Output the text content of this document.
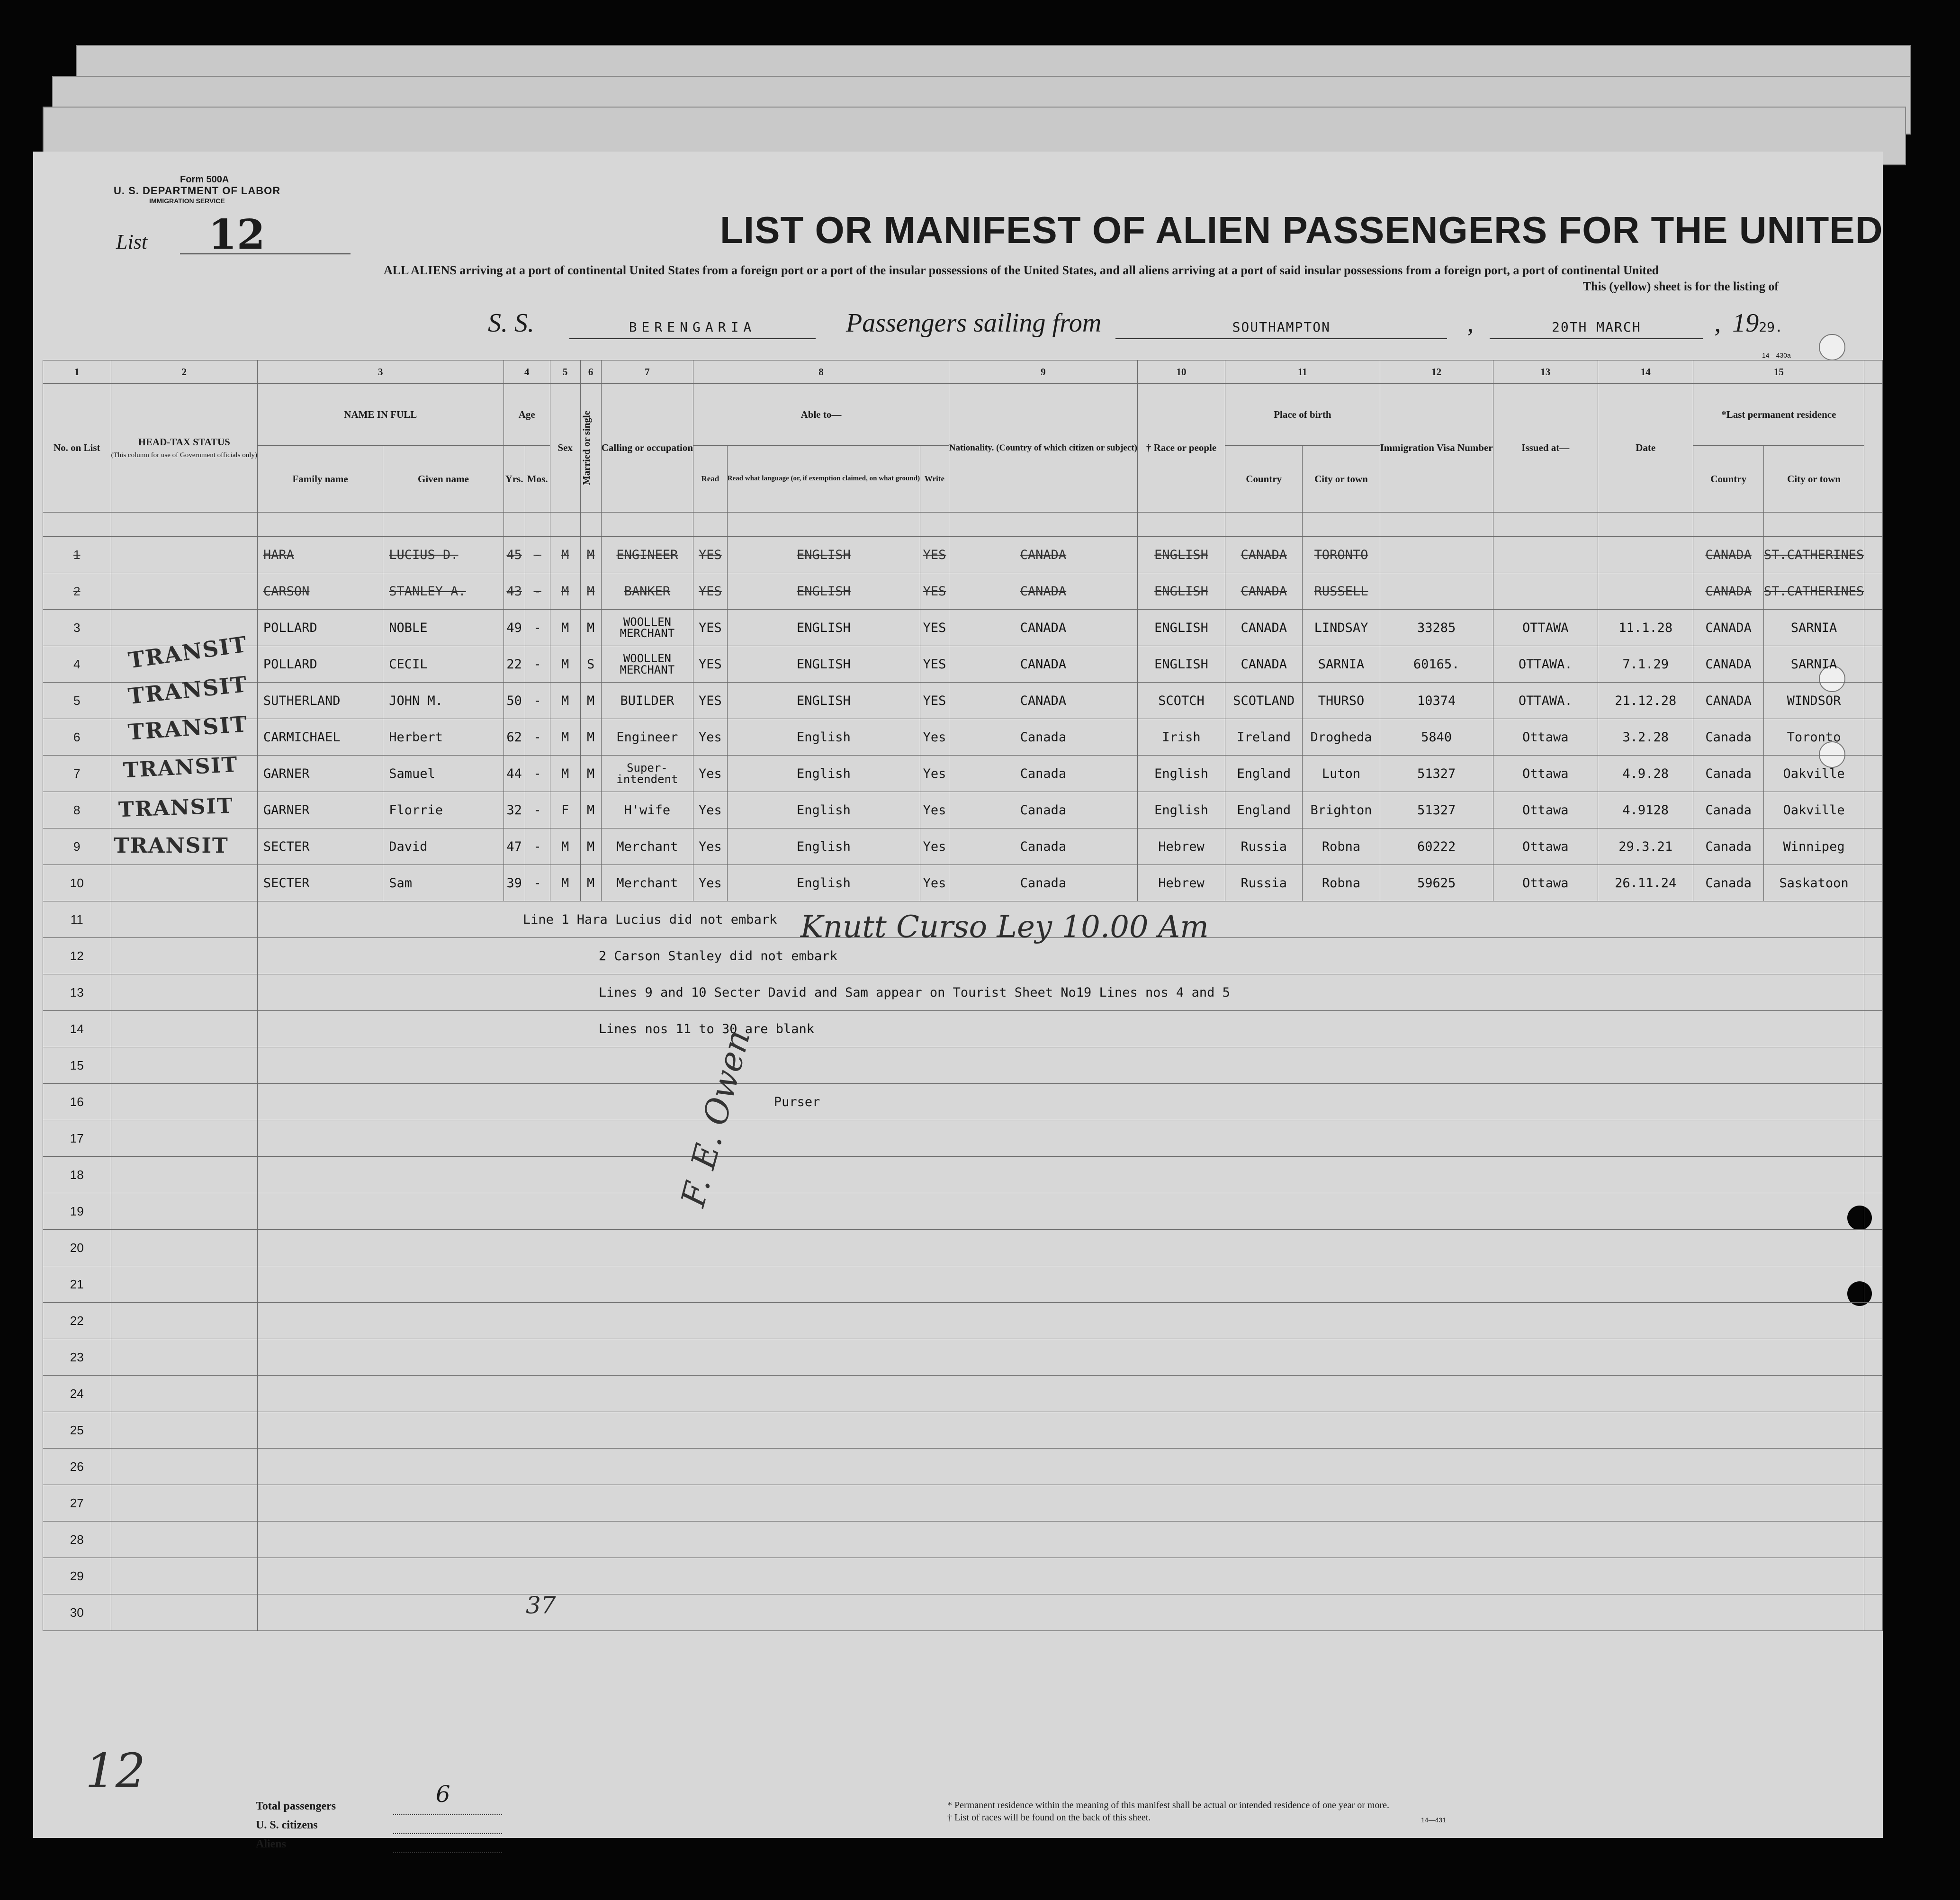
Form 500A
U. S. DEPARTMENT OF LABOR
IMMIGRATION SERVICE
List 12	LIST OR MANIFEST OF ALIEN PASSENGERS FOR THE UNITED
ALL ALIENS arriving at a port of continental United States from a foreign port or a port of the insular possessions of the United States, and all aliens arriving at a port of said insular possessions from a foreign port, a port of continental United
This (yellow) sheet is for the listing of
S. S.	BERENGARIA	Passengers sailing from	SOUTHAMPTON	,	20TH MARCH	, 1929.
1	2	3		4		5	6	7	8			9	10	11		12	13	14	15		
No. on List	HEAD-TAX STATUS
(This column for use of Government officials only)	NAME IN FULL		Age		Sex	Married or single	Calling or occupation	Able to—			Nationality. (Country of which citizen or subject)	† Race or people	Place of birth		Immigration Visa Number	Issued at—	Date	*Last permanent residence		
		Family name	Given name	Yrs.	Mos.				Read	Read what language (or, if exemption claimed, on what ground)	Write			Country	City or town				Country	City or town	

1		HARA	LUCIUS D.	45	-	M	M	ENGINEER	YES	ENGLISH	YES	CANADA	ENGLISH	CANADA	TORONTO				CANADA	ST.CATHERINES	
2		CARSON	STANLEY A.	43	-	M	M	BANKER	YES	ENGLISH	YES	CANADA	ENGLISH	CANADA	RUSSELL				CANADA	ST.CATHERINES	
3		POLLARD	NOBLE	49	-	M	M	WOOLLEN MERCHANT	YES	ENGLISH	YES	CANADA	ENGLISH	CANADA	LINDSAY	33285	OTTAWA	11.1.28	CANADA	SARNIA	
4		POLLARD	CECIL	22	-	M	S	WOOLLEN MERCHANT	YES	ENGLISH	YES	CANADA	ENGLISH	CANADA	SARNIA	60165.	OTTAWA.	7.1.29	CANADA	SARNIA	
5		SUTHERLAND	JOHN M.	50	-	M	M	BUILDER	YES	ENGLISH	YES	CANADA	SCOTCH	SCOTLAND	THURSO	10374	OTTAWA.	21.12.28	CANADA	WINDSOR	
6		CARMICHAEL	Herbert	62	-	M	M	Engineer	Yes	English	Yes	Canada	Irish	Ireland	Drogheda	5840	Ottawa	3.2.28	Canada	Toronto	
7		GARNER	Samuel	44	-	M	M	Super-intendent	Yes	English	Yes	Canada	English	England	Luton	51327	Ottawa	4.9.28	Canada	Oakville	
8		GARNER	Florrie	32	-	F	M	H'wife	Yes	English	Yes	Canada	English	England	Brighton	51327	Ottawa	4.9128	Canada	Oakville	
9		SECTER	David	47	-	M	M	Merchant	Yes	English	Yes	Canada	Hebrew	Russia	Robna	60222	Ottawa	29.3.21	Canada	Winnipeg	
10		SECTER	Sam	39	-	M	M	Merchant	Yes	English	Yes	Canada	Hebrew	Russia	Robna	59625	Ottawa	26.11.24	Canada	Saskatoon	
11		Line 1 Hara Lucius did not embark																			
12		2 Carson Stanley did not embark																			
13		Lines 9 and 10 Secter David and Sam appear on Tourist Sheet No19 Lines nos 4 and 5																			
14		Lines nos 11 to 30 are blank																			
15																					
16		Purser																			
17																					
18																					
19																					
20																					
21																					
22																					
23																					
24																					
25																					
26																					
27																					
28																					
29																					
30																					
TRANSIT
TRANSIT
TRANSIT
TRANSIT
TRANSIT
TRANSIT
Knutt Curso Ley 10.00 Am
F. E. Owen
37
12
Total passengers	6
U. S. citizens
Aliens
* Permanent residence within the meaning of this manifest shall be actual or intended residence of one year or more.
† List of races will be found on the back of this sheet.	14—431
14—430a
